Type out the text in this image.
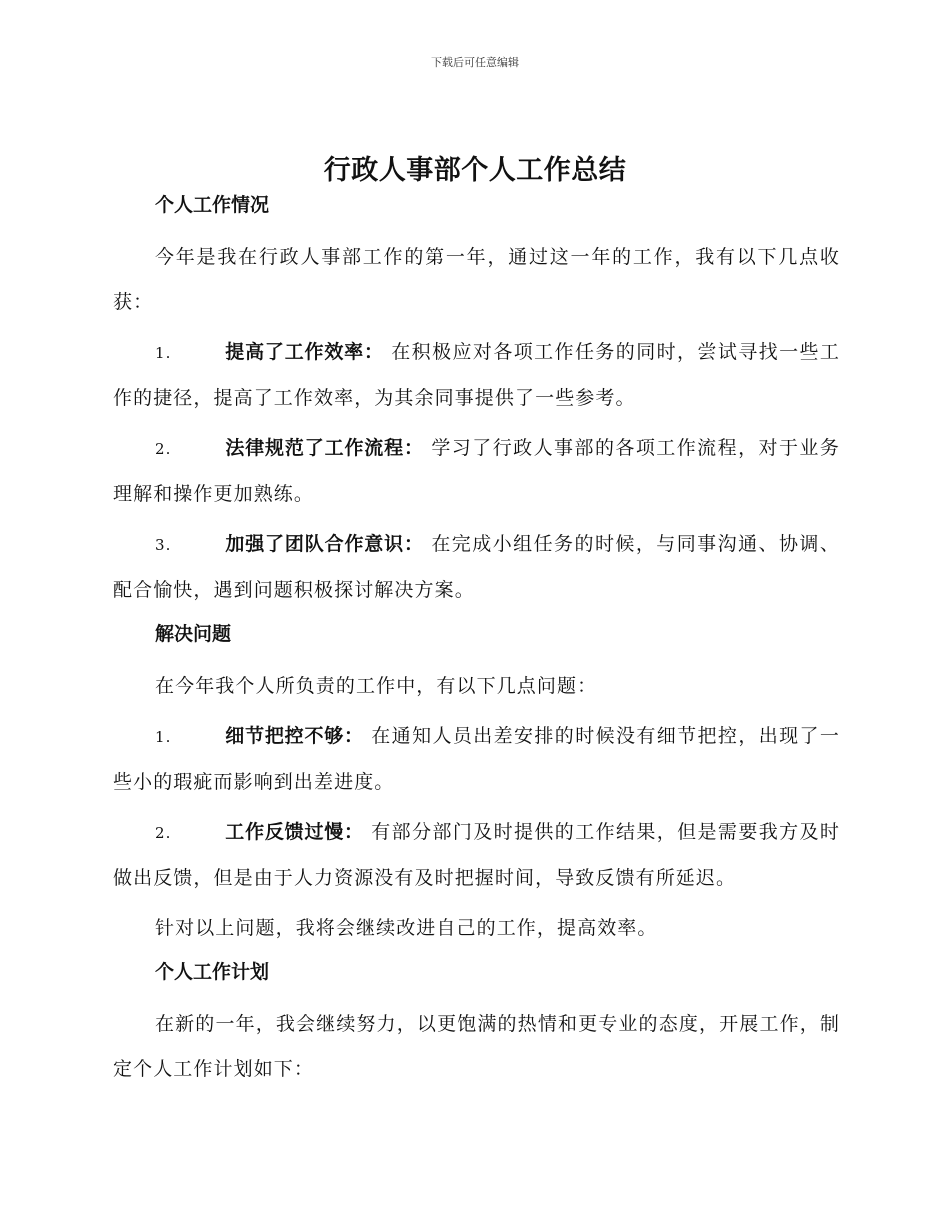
下载后可任意编辑
行政人事部个人工作总结
个人工作情况

今年是我在行政人事部工作的第一年，通过这一年的工作，我有以下几点收获：

1.	提高了工作效率： 在积极应对各项工作任务的同时，尝试寻找一些工作的捷径，提高了工作效率，为其余同事提供了一些参考。

2.	法律规范了工作流程： 学习了行政人事部的各项工作流程，对于业务理解和操作更加熟练。

3.	加强了团队合作意识： 在完成小组任务的时候，与同事沟通、协调、配合愉快，遇到问题积极探讨解决方案。

解决问题

在今年我个人所负责的工作中，有以下几点问题：

1.	细节把控不够： 在通知人员出差安排的时候没有细节把控，出现了一些小的瑕疵而影响到出差进度。

2.	工作反馈过慢： 有部分部门及时提供的工作结果，但是需要我方及时做出反馈，但是由于人力资源没有及时把握时间，导致反馈有所延迟。

针对以上问题，我将会继续改进自己的工作，提高效率。

个人工作计划

在新的一年，我会继续努力，以更饱满的热情和更专业的态度，开展工作，制定个人工作计划如下：
